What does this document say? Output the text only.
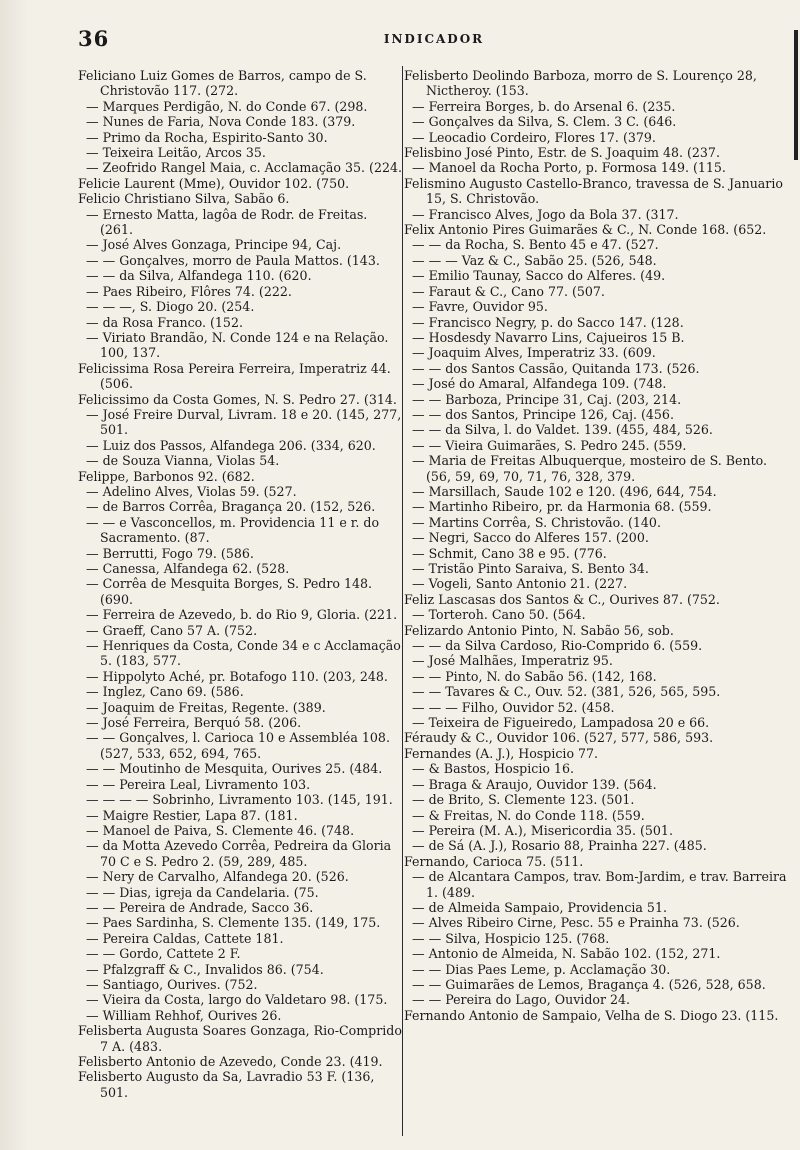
36	INDICADOR
Feliciano Luiz Gomes de Barros, campo de S. Christovão 117. (272.
— Marques Perdigão, N. do Conde 67. (298.
— Nunes de Faria, Nova Conde 183. (379.
— Primo da Rocha, Espirito-Santo 30.
— Teixeira Leitão, Arcos 35.
— Zeofrido Rangel Maia, c. Acclamação 35. (224.
Felicie Laurent (Mme), Ouvidor 102. (750.
Felicio Christiano Silva, Sabão 6.
— Ernesto Matta, lagôa de Rodr. de Freitas. (261.
— José Alves Gonzaga, Principe 94, Caj.
— — Gonçalves, morro de Paula Mattos. (143.
— — da Silva, Alfandega 110. (620.
— Paes Ribeiro, Flôres 74. (222.
— — —, S. Diogo 20. (254.
— da Rosa Franco. (152.
— Viriato Brandão, N. Conde 124 e na Relação. 100, 137.
Felicissima Rosa Pereira Ferreira, Imperatriz 44. (506.
Felicissimo da Costa Gomes, N. S. Pedro 27. (314.
— José Freire Durval, Livram. 18 e 20. (145, 277, 501.
— Luiz dos Passos, Alfandega 206. (334, 620.
— de Souza Vianna, Violas 54.
Felippe, Barbonos 92. (682.
— Adelino Alves, Violas 59. (527.
— de Barros Corrêa, Bragança 20. (152, 526.
— — e Vasconcellos, m. Providencia 11 e r. do Sacramento. (87.
— Berrutti, Fogo 79. (586.
— Canessa, Alfandega 62. (528.
— Corrêa de Mesquita Borges, S. Pedro 148. (690.
— Ferreira de Azevedo, b. do Rio 9, Gloria. (221.
— Graeff, Cano 57 A. (752.
— Henriques da Costa, Conde 34 e c Acclamação 5. (183, 577.
— Hippolyto Aché, pr. Botafogo 110. (203, 248.
— Inglez, Cano 69. (586.
— Joaquim de Freitas, Regente. (389.
— José Ferreira, Berquó 58. (206.
— — Gonçalves, l. Carioca 10 e Assembléa 108. (527, 533, 652, 694, 765.
— — Moutinho de Mesquita, Ourives 25. (484.
— — Pereira Leal, Livramento 103.
— — — — Sobrinho, Livramento 103. (145, 191.
— Maigre Restier, Lapa 87. (181.
— Manoel de Paiva, S. Clemente 46. (748.
— da Motta Azevedo Corrêa, Pedreira da Gloria 70 C e S. Pedro 2. (59, 289, 485.
— Nery de Carvalho, Alfandega 20. (526.
— — Dias, igreja da Candelaria. (75.
— — Pereira de Andrade, Sacco 36.
— Paes Sardinha, S. Clemente 135. (149, 175.
— Pereira Caldas, Cattete 181.
— — Gordo, Cattete 2 F.
— Pfalzgraff & C., Invalidos 86. (754.
— Santiago, Ourives. (752.
— Vieira da Costa, largo do Valdetaro 98. (175.
— William Rehhof, Ourives 26.
Felisberta Augusta Soares Gonzaga, Rio-Comprido 7 A. (483.
Felisberto Antonio de Azevedo, Conde 23. (419.
Felisberto Augusto da Sa, Lavradio 53 F. (136, 501.
Felisberto Deolindo Barboza, morro de S. Lourenço 28, Nictheroy. (153.
— Ferreira Borges, b. do Arsenal 6. (235.
— Gonçalves da Silva, S. Clem. 3 C. (646.
— Leocadio Cordeiro, Flores 17. (379.
Felisbino José Pinto, Estr. de S. Joaquim 48. (237.
— Manoel da Rocha Porto, p. Formosa 149. (115.
Felismino Augusto Castello-Branco, travessa de S. Januario 15, S. Christovão.
— Francisco Alves, Jogo da Bola 37. (317.
Felix Antonio Pires Guimarães & C., N. Conde 168. (652.
— — da Rocha, S. Bento 45 e 47. (527.
— — — Vaz & C., Sabão 25. (526, 548.
— Emilio Taunay, Sacco do Alferes. (49.
— Faraut & C., Cano 77. (507.
— Favre, Ouvidor 95.
— Francisco Negry, p. do Sacco 147. (128.
— Hosdesdy Navarro Lins, Cajueiros 15 B.
— Joaquim Alves, Imperatriz 33. (609.
— — dos Santos Cassão, Quitanda 173. (526.
— José do Amaral, Alfandega 109. (748.
— — Barboza, Principe 31, Caj. (203, 214.
— — dos Santos, Principe 126, Caj. (456.
— — da Silva, l. do Valdet. 139. (455, 484, 526.
— — Vieira Guimarães, S. Pedro 245. (559.
— Maria de Freitas Albuquerque, mosteiro de S. Bento. (56, 59, 69, 70, 71, 76, 328, 379.
— Marsillach, Saude 102 e 120. (496, 644, 754.
— Martinho Ribeiro, pr. da Harmonia 68. (559.
— Martins Corrêa, S. Christovão. (140.
— Negri, Sacco do Alferes 157. (200.
— Schmit, Cano 38 e 95. (776.
— Tristão Pinto Saraiva, S. Bento 34.
— Vogeli, Santo Antonio 21. (227.
Feliz Lascasas dos Santos & C., Ourives 87. (752.
— Torteroh. Cano 50. (564.
Felizardo Antonio Pinto, N. Sabão 56, sob.
— — da Silva Cardoso, Rio-Comprido 6. (559.
— José Malhães, Imperatriz 95.
— — Pinto, N. do Sabão 56. (142, 168.
— — Tavares & C., Ouv. 52. (381, 526, 565, 595.
— — — Filho, Ouvidor 52. (458.
— Teixeira de Figueiredo, Lampadosa 20 e 66.
Féraudy & C., Ouvidor 106. (527, 577, 586, 593.
Fernandes (A. J.), Hospicio 77.
— & Bastos, Hospicio 16.
— Braga & Araujo, Ouvidor 139. (564.
— de Brito, S. Clemente 123. (501.
— & Freitas, N. do Conde 118. (559.
— Pereira (M. A.), Misericordia 35. (501.
— de Sá (A. J.), Rosario 88, Prainha 227. (485.
Fernando, Carioca 75. (511.
— de Alcantara Campos, trav. Bom-Jardim, e trav. Barreira 1. (489.
— de Almeida Sampaio, Providencia 51.
— Alves Ribeiro Cirne, Pesc. 55 e Prainha 73. (526.
— — Silva, Hospicio 125. (768.
— Antonio de Almeida, N. Sabão 102. (152, 271.
— — Dias Paes Leme, p. Acclamação 30.
— — Guimarães de Lemos, Bragança 4. (526, 528, 658.
— — Pereira do Lago, Ouvidor 24.
Fernando Antonio de Sampaio, Velha de S. Diogo 23. (115.
